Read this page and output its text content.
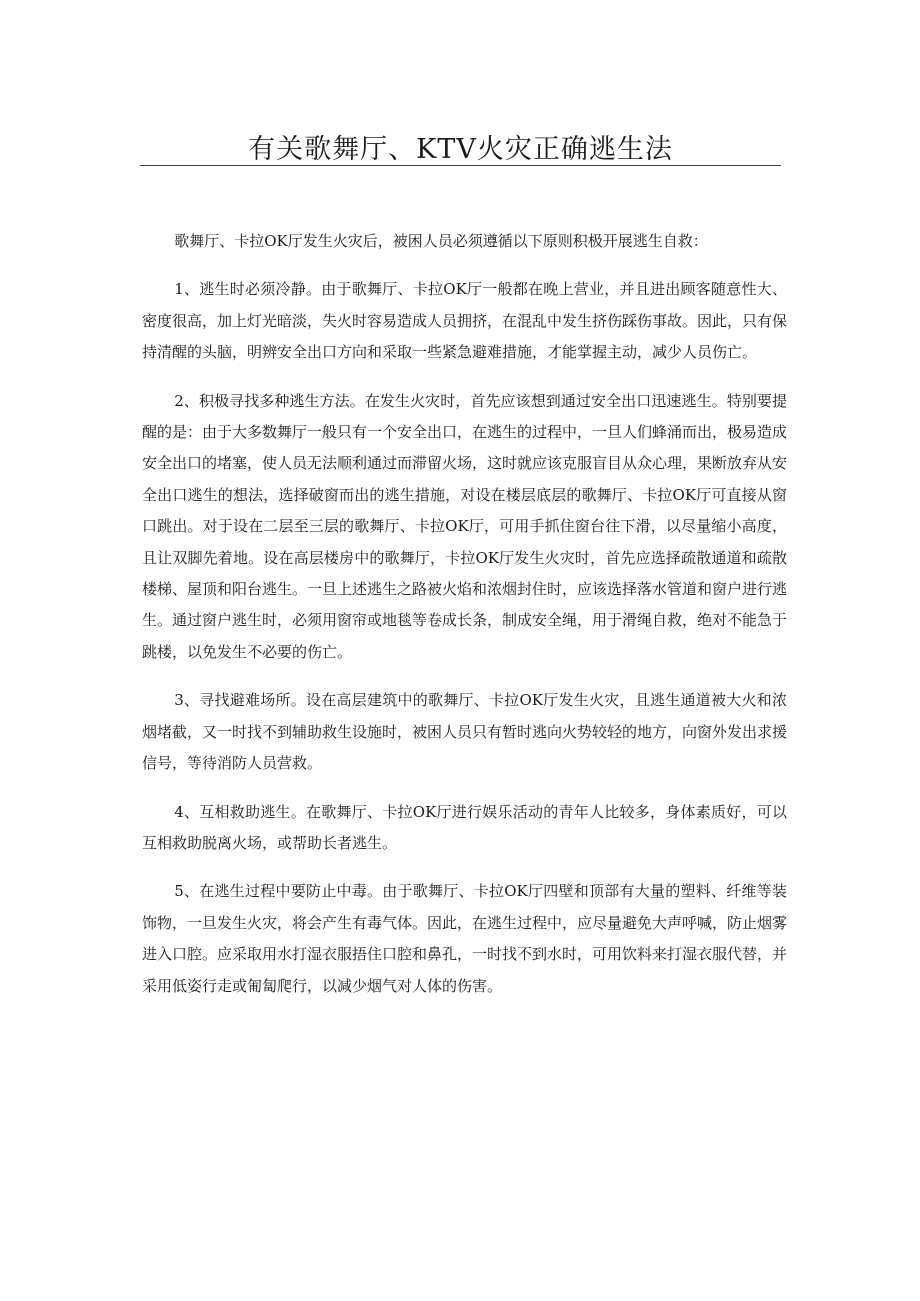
有关歌舞厅、KTV火灾正确逃生法

歌舞厅、卡拉OK厅发生火灾后，被困人员必须遵循以下原则积极开展逃生自救：

1、逃生时必须冷静。由于歌舞厅、卡拉OK厅一般都在晚上营业，并且进出顾客随意性大、密度很高，加上灯光暗淡，失火时容易造成人员拥挤，在混乱中发生挤伤踩伤事故。因此，只有保持清醒的头脑，明辨安全出口方向和采取一些紧急避难措施，才能掌握主动，减少人员伤亡。

2、积极寻找多种逃生方法。在发生火灾时，首先应该想到通过安全出口迅速逃生。特别要提醒的是：由于大多数舞厅一般只有一个安全出口，在逃生的过程中，一旦人们蜂涌而出，极易造成安全出口的堵塞，使人员无法顺利通过而滞留火场，这时就应该克服盲目从众心理，果断放弃从安全出口逃生的想法，选择破窗而出的逃生措施，对设在楼层底层的歌舞厅、卡拉OK厅可直接从窗口跳出。对于设在二层至三层的歌舞厅、卡拉OK厅，可用手抓住窗台往下滑，以尽量缩小高度，且让双脚先着地。设在高层楼房中的歌舞厅，卡拉OK厅发生火灾时，首先应选择疏散通道和疏散楼梯、屋顶和阳台逃生。一旦上述逃生之路被火焰和浓烟封住时，应该选择落水管道和窗户进行逃生。通过窗户逃生时，必须用窗帘或地毯等卷成长条，制成安全绳，用于滑绳自救，绝对不能急于跳楼，以免发生不必要的伤亡。

3、寻找避难场所。设在高层建筑中的歌舞厅、卡拉OK厅发生火灾，且逃生通道被大火和浓烟堵截，又一时找不到辅助救生设施时，被困人员只有暂时逃向火势较轻的地方，向窗外发出求援信号，等待消防人员营救。

4、互相救助逃生。在歌舞厅、卡拉OK厅进行娱乐活动的青年人比较多，身体素质好，可以互相救助脱离火场，或帮助长者逃生。

5、在逃生过程中要防止中毒。由于歌舞厅、卡拉OK厅四壁和顶部有大量的塑料、纤维等装饰物，一旦发生火灾，将会产生有毒气体。因此，在逃生过程中，应尽量避免大声呼喊，防止烟雾进入口腔。应采取用水打湿衣服捂住口腔和鼻孔，一时找不到水时，可用饮料来打湿衣服代替，并采用低姿行走或匍匐爬行，以减少烟气对人体的伤害。
